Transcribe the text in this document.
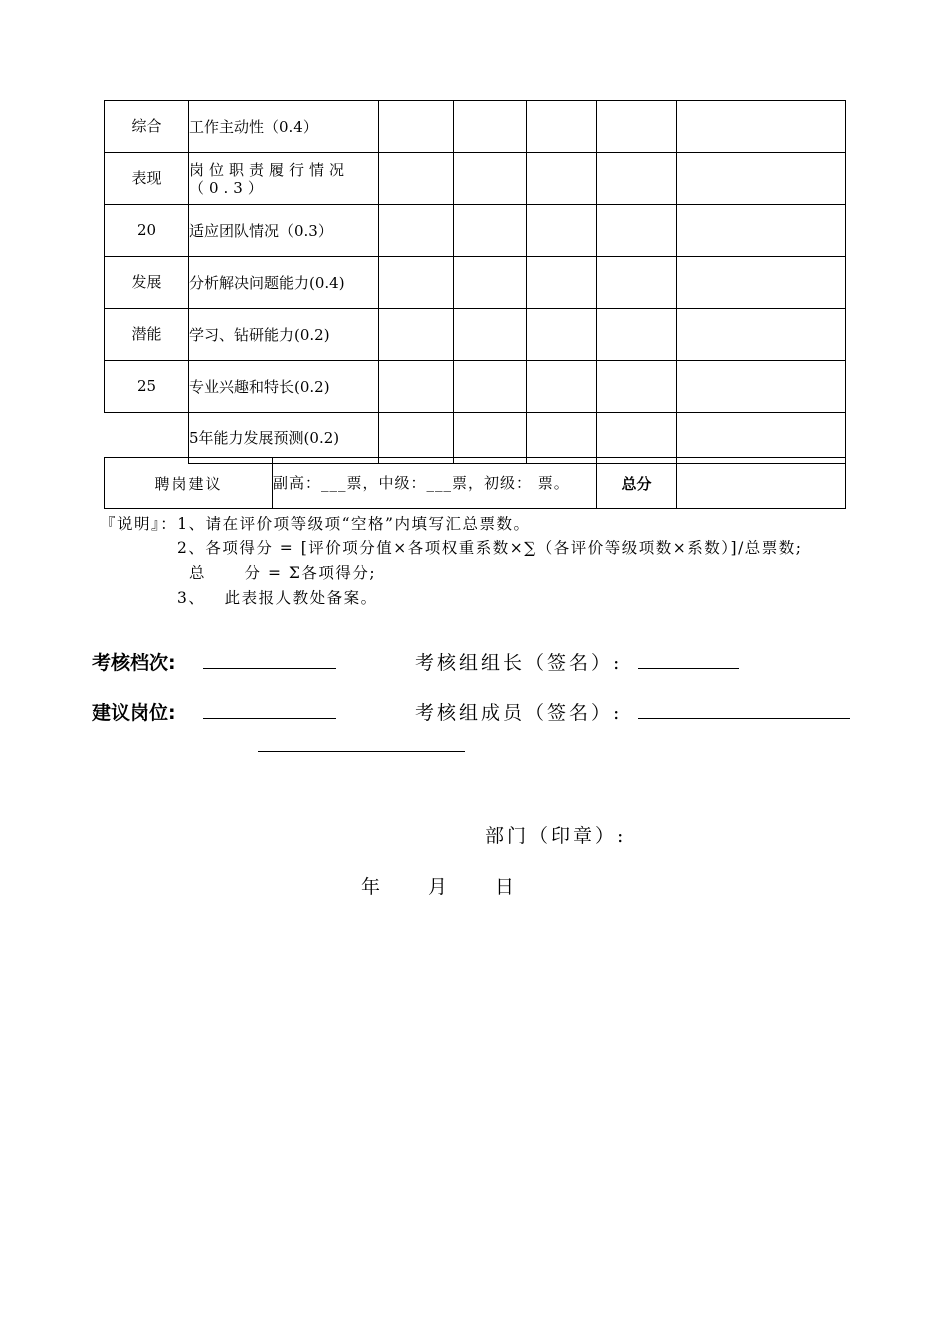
综合	工作主动性（0.4）					
表现	岗位职责履行情况（0.3）					
20	适应团队情况（0.3）					
发展	分析解决问题能力(0.4)					
潜能	学习、钻研能力(0.2)					
25	专业兴趣和特长(0.2)					
	5年能力发展预测(0.2)					
聘岗建议	副高：___票，中级：___票，初级： 票。	总分	
『说明』：1、请在评价项等级项“空格”内填写汇总票数。
2、各项得分 = [评价项分值×各项权重系数×∑（各评价等级项数×系数）]/总票数;
总      分 = Σ各项得分;
3、   此表报人教处备案。
考核档次:	考核组组长（签名）:
建议岗位:	考核组成员（签名）:
部门（印章）:
年 月 日
